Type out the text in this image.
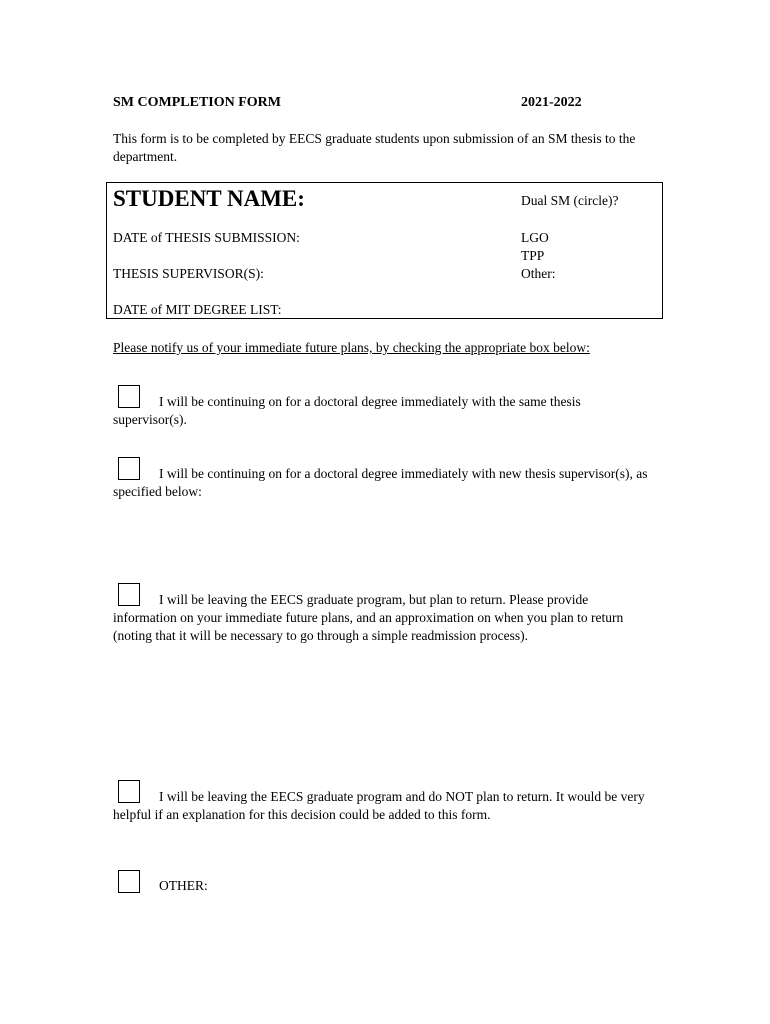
SM COMPLETION FORM	2021-2022
This form is to be completed by EECS graduate students upon submission of an SM thesis to the department.
STUDENT NAME:
DATE of THESIS SUBMISSION:
THESIS SUPERVISOR(S):
DATE of MIT DEGREE LIST:
Dual SM (circle)?
LGO
TPP
Other:
Please notify us of your immediate future plans, by checking the appropriate box below:
I will be continuing on for a doctoral degree immediately with the same thesis supervisor(s).
I will be continuing on for a doctoral degree immediately with new thesis supervisor(s), as specified below:
I will be leaving the EECS graduate program, but plan to return. Please provide information on your immediate future plans, and an approximation on when you plan to return (noting that it will be necessary to go through a simple readmission process).
I will be leaving the EECS graduate program and do NOT plan to return. It would be very helpful if an explanation for this decision could be added to this form.
OTHER:
